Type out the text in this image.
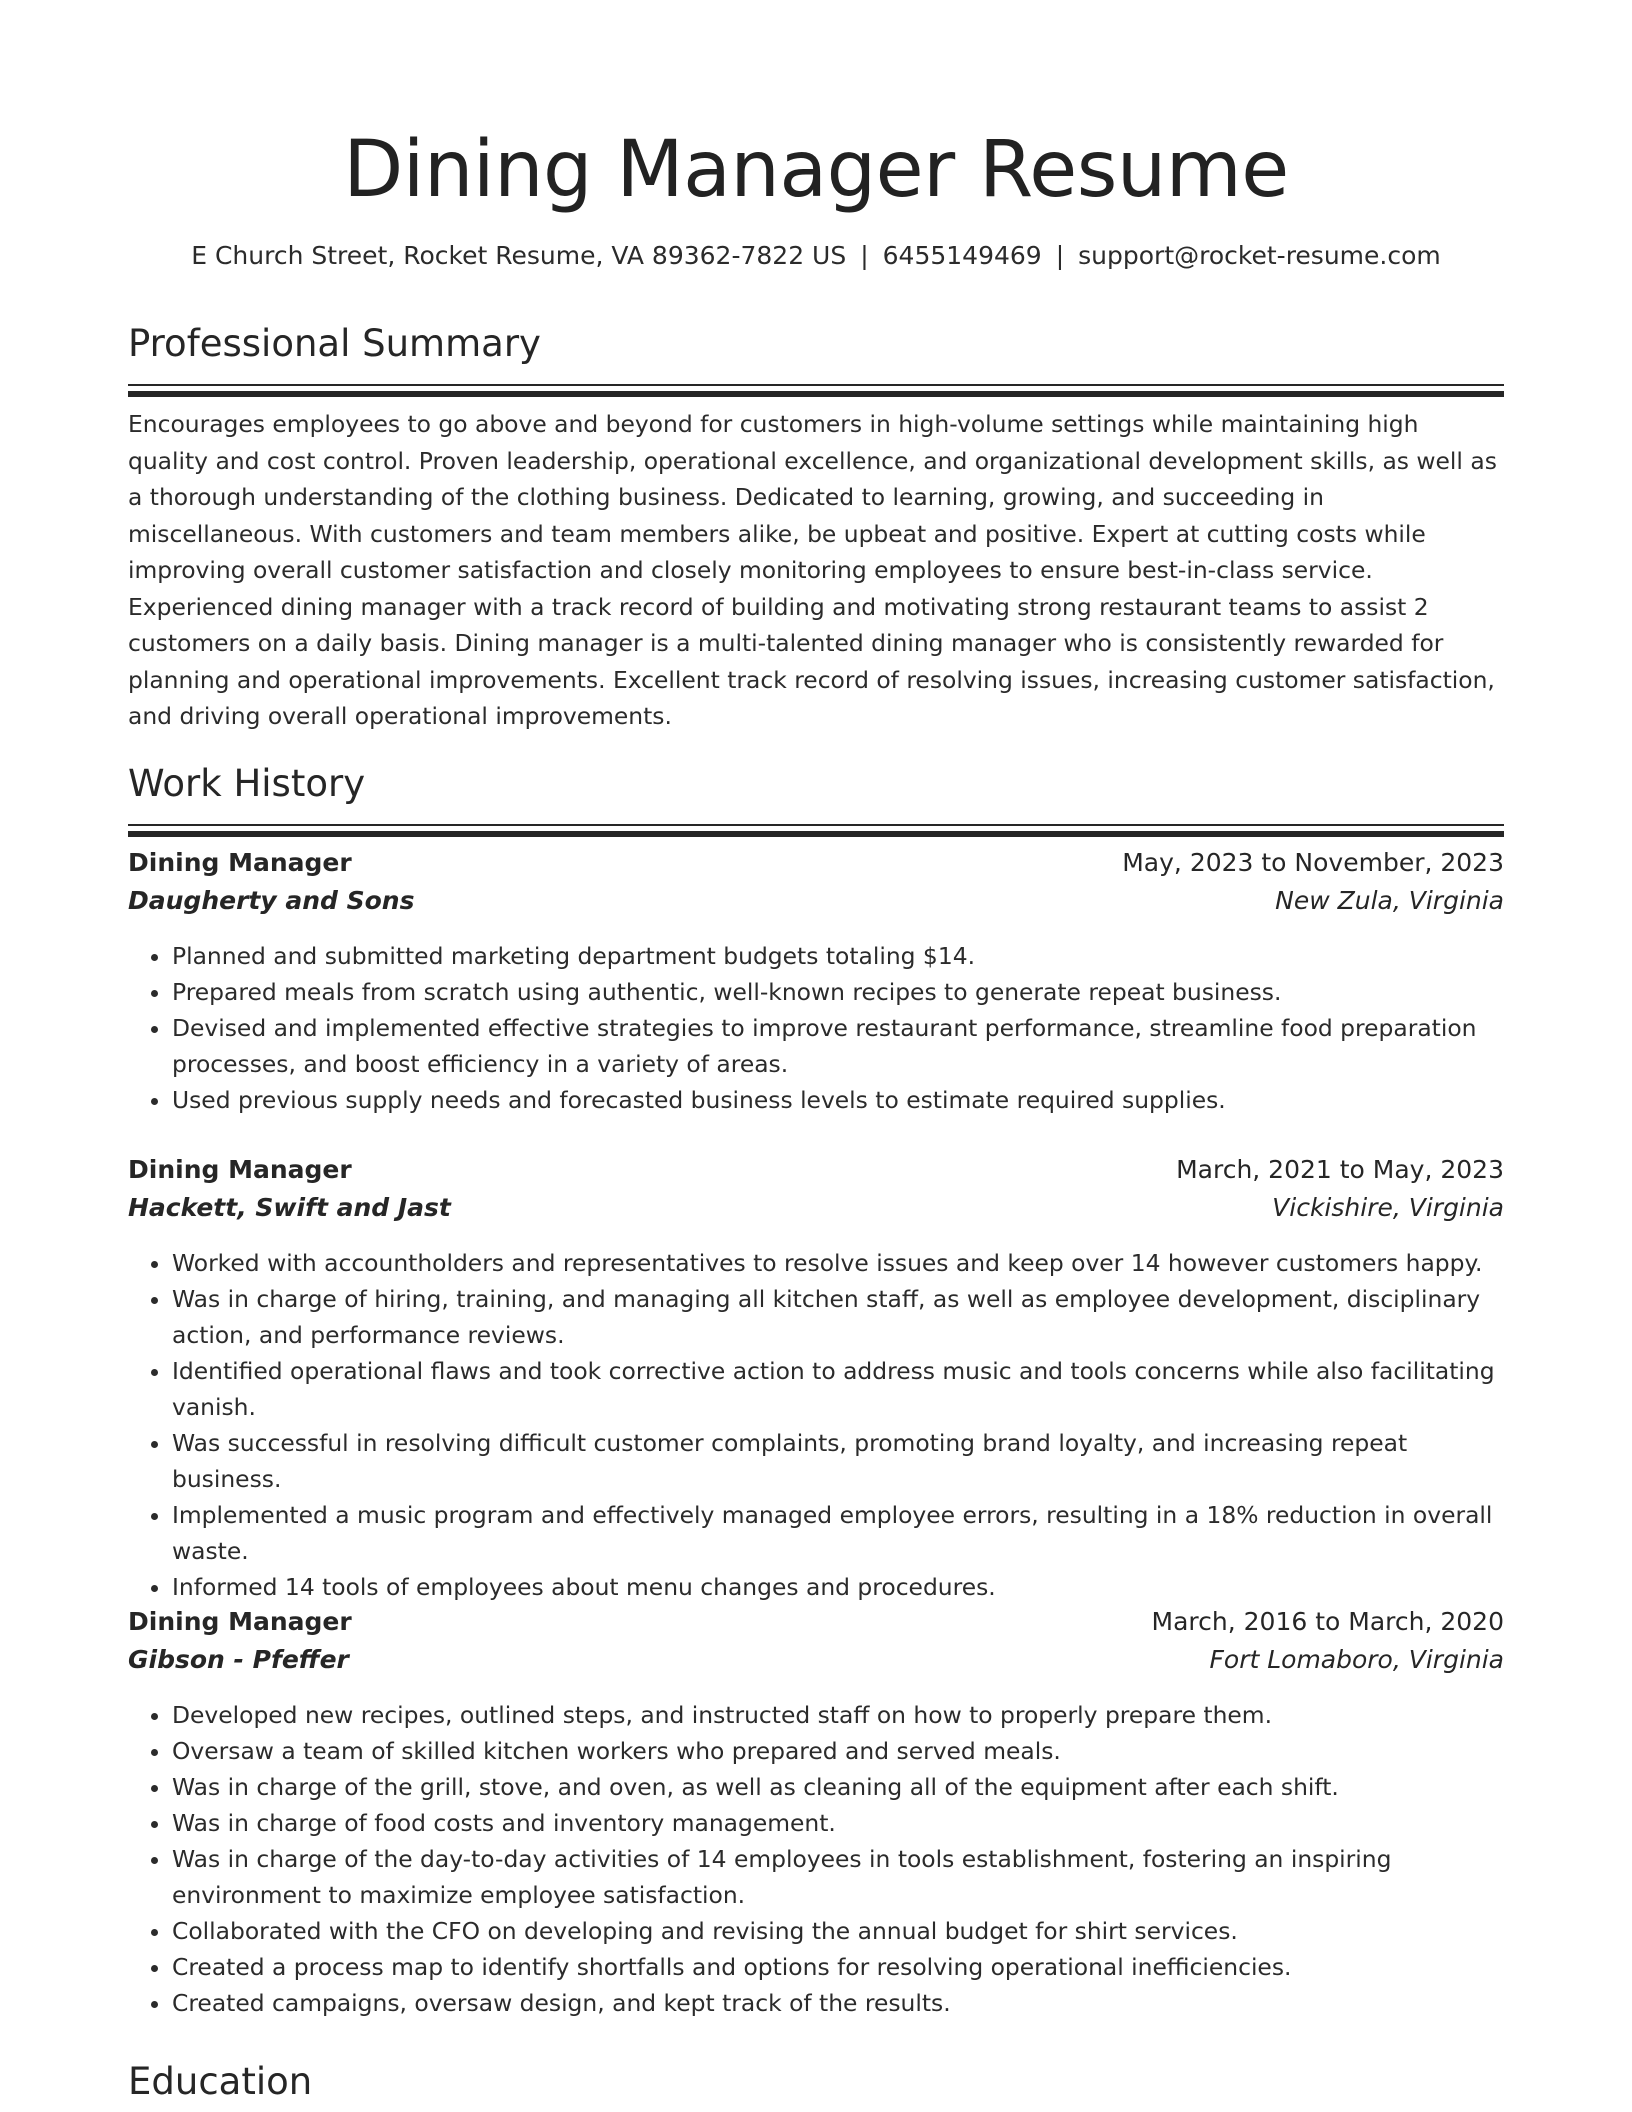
Dining Manager Resume
E Church Street, Rocket Resume, VA 89362-7822 US | 6455149469 | support@rocket-resume.com
Professional Summary

Encourages employees to go above and beyond for customers in high-volume settings while maintaining high quality and cost control. Proven leadership, operational excellence, and organizational development skills, as well as a thorough understanding of the clothing business. Dedicated to learning, growing, and succeeding in miscellaneous. With customers and team members alike, be upbeat and positive. Expert at cutting costs while improving overall customer satisfaction and closely monitoring employees to ensure best-in-class service. Experienced dining manager with a track record of building and motivating strong restaurant teams to assist 2 customers on a daily basis. Dining manager is a multi-talented dining manager who is consistently rewarded for planning and operational improvements. Excellent track record of resolving issues, increasing customer satisfaction, and driving overall operational improvements.

Work History
Dining Manager	May, 2023 to November, 2023
Daugherty and Sons	New Zula, Virginia
• Planned and submitted marketing department budgets totaling $14.
• Prepared meals from scratch using authentic, well-known recipes to generate repeat business.
• Devised and implemented effective strategies to improve restaurant performance, streamline food preparation processes, and boost efficiency in a variety of areas.
• Used previous supply needs and forecasted business levels to estimate required supplies.
Dining Manager	March, 2021 to May, 2023
Hackett, Swift and Jast	Vickishire, Virginia
• Worked with accountholders and representatives to resolve issues and keep over 14 however customers happy.
• Was in charge of hiring, training, and managing all kitchen staff, as well as employee development, disciplinary action, and performance reviews.
• Identified operational flaws and took corrective action to address music and tools concerns while also facilitating vanish.
• Was successful in resolving difficult customer complaints, promoting brand loyalty, and increasing repeat business.
• Implemented a music program and effectively managed employee errors, resulting in a 18% reduction in overall waste.
• Informed 14 tools of employees about menu changes and procedures.
Dining Manager	March, 2016 to March, 2020
Gibson - Pfeffer	Fort Lomaboro, Virginia
• Developed new recipes, outlined steps, and instructed staff on how to properly prepare them.
• Oversaw a team of skilled kitchen workers who prepared and served meals.
• Was in charge of the grill, stove, and oven, as well as cleaning all of the equipment after each shift.
• Was in charge of food costs and inventory management.
• Was in charge of the day-to-day activities of 14 employees in tools establishment, fostering an inspiring environment to maximize employee satisfaction.
• Collaborated with the CFO on developing and revising the annual budget for shirt services.
• Created a process map to identify shortfalls and options for resolving operational inefficiencies.
• Created campaigns, oversaw design, and kept track of the results.
Education
